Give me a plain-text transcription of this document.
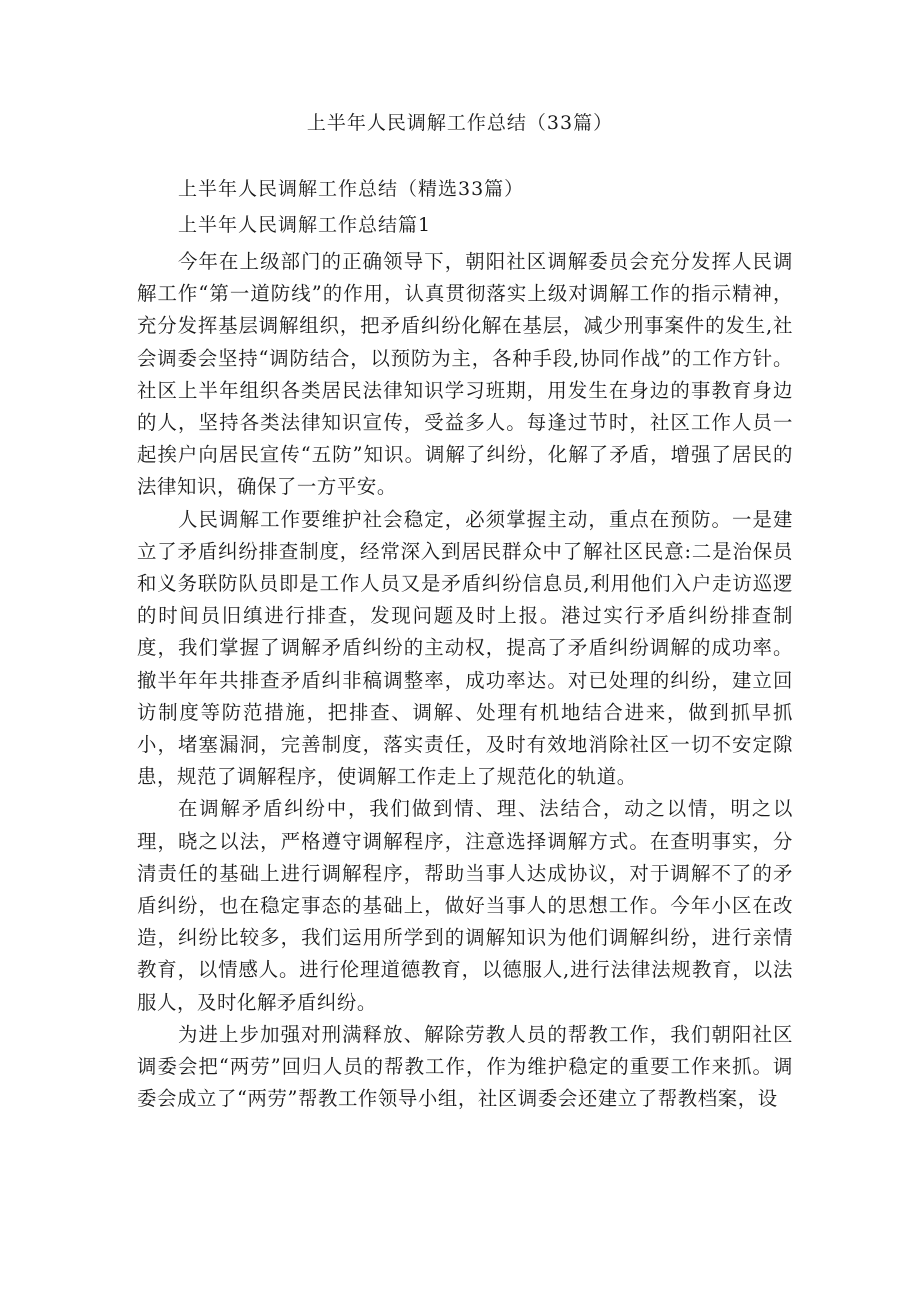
上半年人民调解工作总结（33篇）

上半年人民调解工作总结（精选33篇）

上半年人民调解工作总结篇1

今年在上级部门的正确领导下，朝阳社区调解委员会充分发挥人民调解工作“第一道防线”的作用，认真贯彻落实上级对调解工作的指示精神，充分发挥基层调解组织，把矛盾纠纷化解在基层，减少刑事案件的发生,社会调委会坚持“调防结合，以预防为主，各种手段,协同作战”的工作方针。社区上半年组织各类居民法律知识学习班期，用发生在身边的事教育身边的人，坚持各类法律知识宣传，受益多人。每逢过节时，社区工作人员一起挨户向居民宣传“五防”知识。调解了纠纷，化解了矛盾，增强了居民的法律知识，确保了一方平安。

人民调解工作要维护社会稳定，必须掌握主动，重点在预防。一是建立了矛盾纠纷排查制度，经常深入到居民群众中了解社区民意:二是治保员和义务联防队员即是工作人员又是矛盾纠纷信息员,利用他们入户走访巡逻的时间员旧缜进行排查，发现问题及时上报。港过实行矛盾纠纷排查制度，我们掌握了调解矛盾纠纷的主动权，提高了矛盾纠纷调解的成功率。撤半年年共排查矛盾纠非稿调整率，成功率达。对已处理的纠纷，建立回访制度等防范措施，把排查、调解、处理有机地结合进来，做到抓早抓小，堵塞漏洞，完善制度，落实责任，及时有效地消除社区一切不安定隙患，规范了调解程序，使调解工作走上了规范化的轨道。

在调解矛盾纠纷中，我们做到情、理、法结合，动之以情，明之以理，晓之以法，严格遵守调解程序，注意选择调解方式。在查明事实，分清责任的基础上进行调解程序，帮助当事人达成协议，对于调解不了的矛盾纠纷，也在稳定事态的基础上，做好当事人的思想工作。今年小区在改造，纠纷比较多，我们运用所学到的调解知识为他们调解纠纷，进行亲情教育，以情感人。进行伦理道德教育，以德服人,进行法律法规教育，以法服人，及时化解矛盾纠纷。

为进上步加强对刑满释放、解除劳教人员的帮教工作，我们朝阳社区调委会把“两劳”回归人员的帮教工作，作为维护稳定的重要工作来抓。调委会成立了“两劳”帮教工作领导小组，社区调委会还建立了帮教档案，设
